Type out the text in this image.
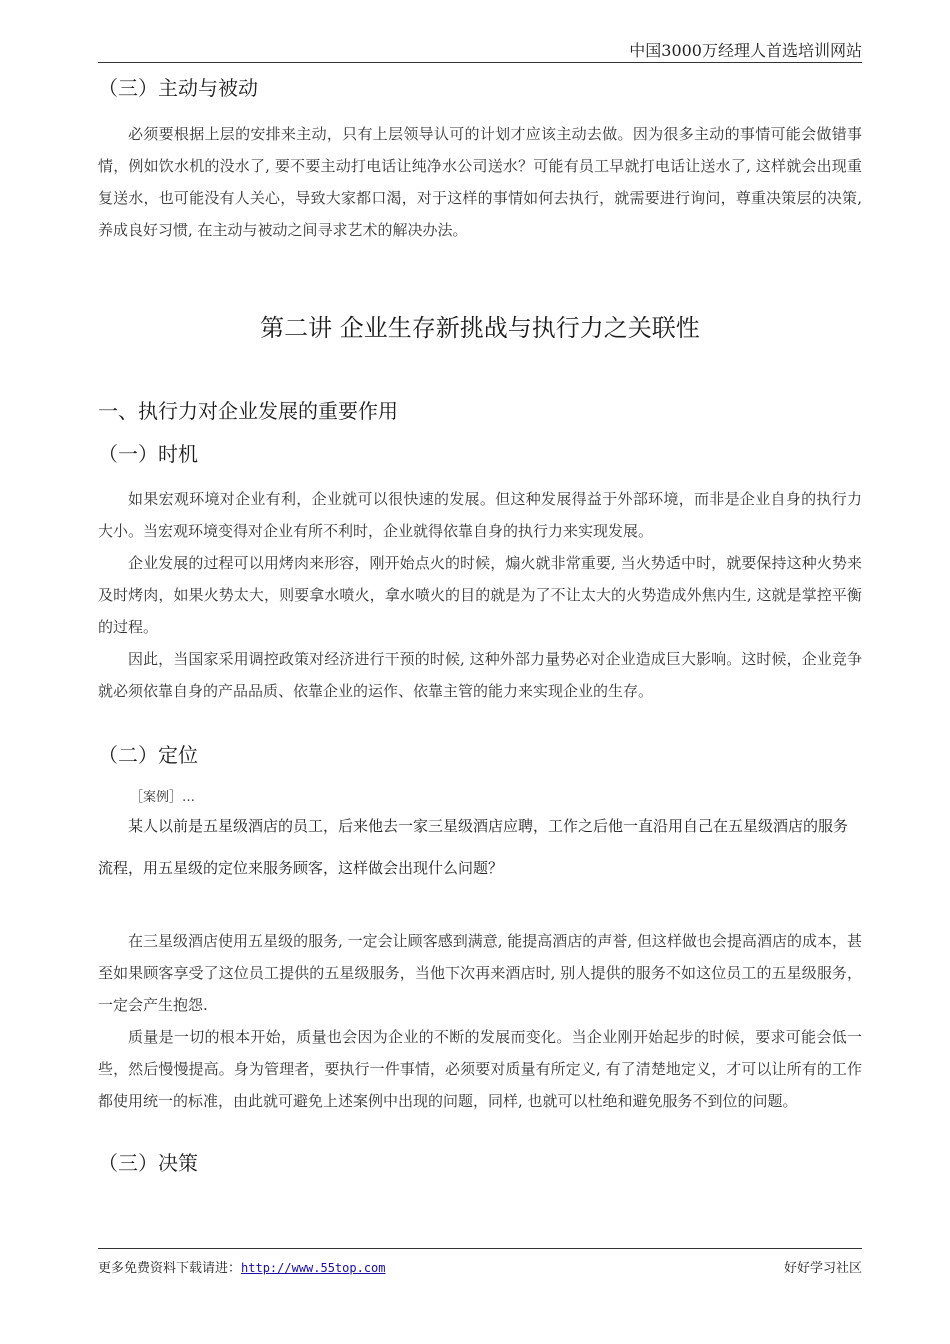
中国3000万经理人首选培训网站
（三）主动与被动

必须要根据上层的安排来主动，只有上层领导认可的计划才应该主动去做。因为很多主动的事情可能会做错事情，例如饮水机的没水了, 要不要主动打电话让纯净水公司送水？可能有员工早就打电话让送水了, 这样就会出现重复送水，也可能没有人关心，导致大家都口渴，对于这样的事情如何去执行，就需要进行询问，尊重决策层的决策, 养成良好习惯, 在主动与被动之间寻求艺术的解决办法。

第二讲 企业生存新挑战与执行力之关联性
一、执行力对企业发展的重要作用
（一）时机

如果宏观环境对企业有利，企业就可以很快速的发展。但这种发展得益于外部环境，而非是企业自身的执行力大小。当宏观环境变得对企业有所不利时，企业就得依靠自身的执行力来实现发展。

企业发展的过程可以用烤肉来形容，刚开始点火的时候，煽火就非常重要, 当火势适中时，就要保持这种火势来及时烤肉，如果火势太大，则要拿水喷火，拿水喷火的目的就是为了不让太大的火势造成外焦内生, 这就是掌控平衡的过程。

因此，当国家采用调控政策对经济进行干预的时候, 这种外部力量势必对企业造成巨大影响。这时候，企业竞争就必须依靠自身的产品品质、依靠企业的运作、依靠主管的能力来实现企业的生存。

（二）定位

［案例］…

某人以前是五星级酒店的员工，后来他去一家三星级酒店应聘，工作之后他一直沿用自己在五星级酒店的服务流程，用五星级的定位来服务顾客，这样做会出现什么问题？

在三星级酒店使用五星级的服务, 一定会让顾客感到满意, 能提高酒店的声誉, 但这样做也会提高酒店的成本，甚至如果顾客享受了这位员工提供的五星级服务，当他下次再来酒店时, 别人提供的服务不如这位员工的五星级服务，一定会产生抱怨.

质量是一切的根本开始，质量也会因为企业的不断的发展而变化。当企业刚开始起步的时候，要求可能会低一些，然后慢慢提高。身为管理者，要执行一件事情，必须要对质量有所定义, 有了清楚地定义，才可以让所有的工作都使用统一的标准，由此就可避免上述案例中出现的问题，同样, 也就可以杜绝和避免服务不到位的问题。

（三）决策
更多免费资料下载请进：http://www.55top.com	好好学习社区
